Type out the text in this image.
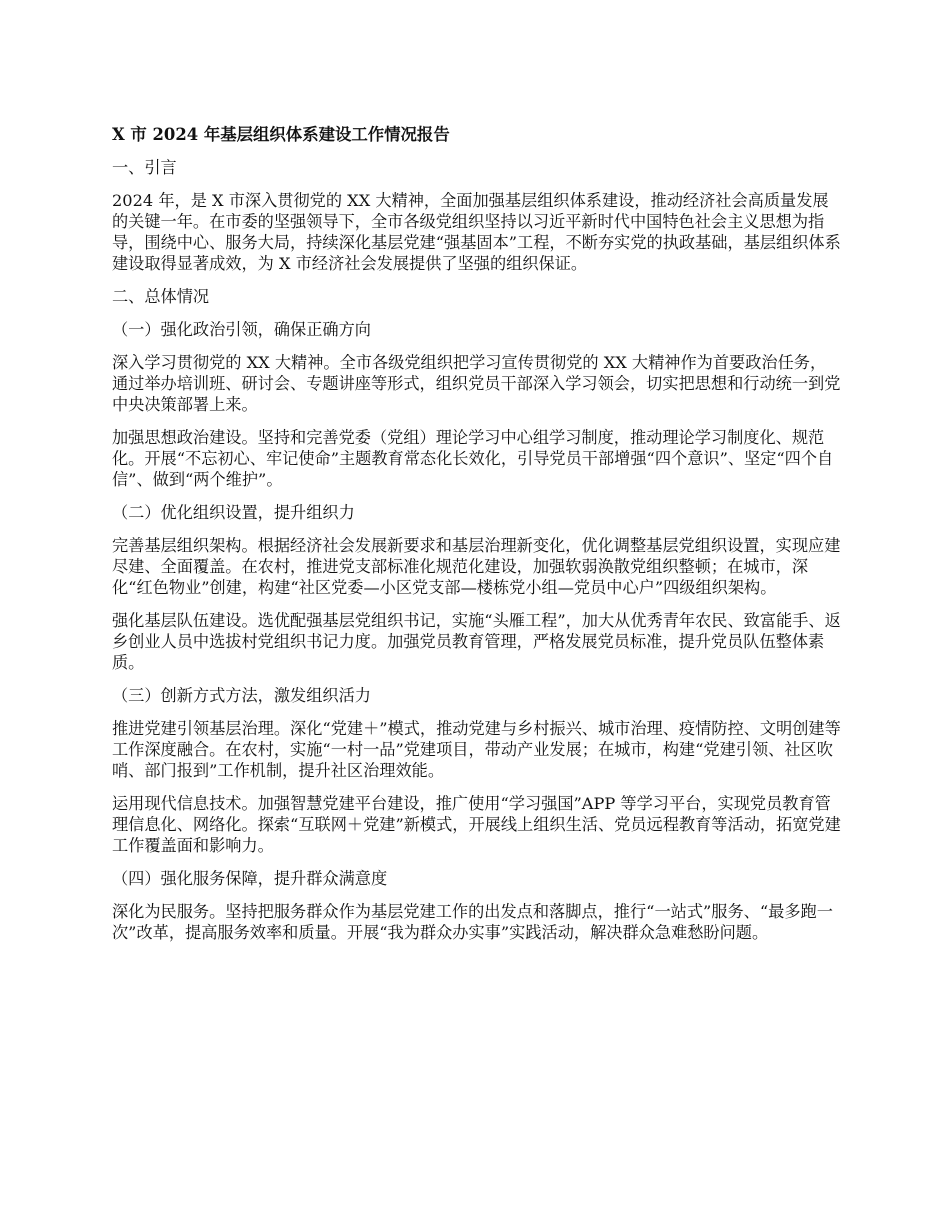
X 市 2024 年基层组织体系建设工作情况报告
一、引言
2024 年，是 X 市深入贯彻党的 XX 大精神，全面加强基层组织体系建设，推动经济社会高质量发展的关键一年。在市委的坚强领导下，全市各级党组织坚持以习近平新时代中国特色社会主义思想为指导，围绕中心、服务大局，持续深化基层党建“强基固本”工程，不断夯实党的执政基础，基层组织体系建设取得显著成效，为 X 市经济社会发展提供了坚强的组织保证。
二、总体情况
（一）强化政治引领，确保正确方向
深入学习贯彻党的 XX 大精神。全市各级党组织把学习宣传贯彻党的 XX 大精神作为首要政治任务，通过举办培训班、研讨会、专题讲座等形式，组织党员干部深入学习领会，切实把思想和行动统一到党中央决策部署上来。
加强思想政治建设。坚持和完善党委（党组）理论学习中心组学习制度，推动理论学习制度化、规范化。开展“不忘初心、牢记使命”主题教育常态化长效化，引导党员干部增强“四个意识”、坚定“四个自信”、做到“两个维护”。
（二）优化组织设置，提升组织力
完善基层组织架构。根据经济社会发展新要求和基层治理新变化，优化调整基层党组织设置，实现应建尽建、全面覆盖。在农村，推进党支部标准化规范化建设，加强软弱涣散党组织整顿；在城市，深化“红色物业”创建，构建“社区党委—小区党支部—楼栋党小组—党员中心户”四级组织架构。
强化基层队伍建设。选优配强基层党组织书记，实施“头雁工程”，加大从优秀青年农民、致富能手、返乡创业人员中选拔村党组织书记力度。加强党员教育管理，严格发展党员标准，提升党员队伍整体素质。
（三）创新方式方法，激发组织活力
推进党建引领基层治理。深化“党建＋”模式，推动党建与乡村振兴、城市治理、疫情防控、文明创建等工作深度融合。在农村，实施“一村一品”党建项目，带动产业发展；在城市，构建“党建引领、社区吹哨、部门报到”工作机制，提升社区治理效能。
运用现代信息技术。加强智慧党建平台建设，推广使用“学习强国”APP 等学习平台，实现党员教育管理信息化、网络化。探索“互联网＋党建”新模式，开展线上组织生活、党员远程教育等活动，拓宽党建工作覆盖面和影响力。
（四）强化服务保障，提升群众满意度
深化为民服务。坚持把服务群众作为基层党建工作的出发点和落脚点，推行“一站式”服务、“最多跑一次”改革，提高服务效率和质量。开展“我为群众办实事”实践活动，解决群众急难愁盼问题。
